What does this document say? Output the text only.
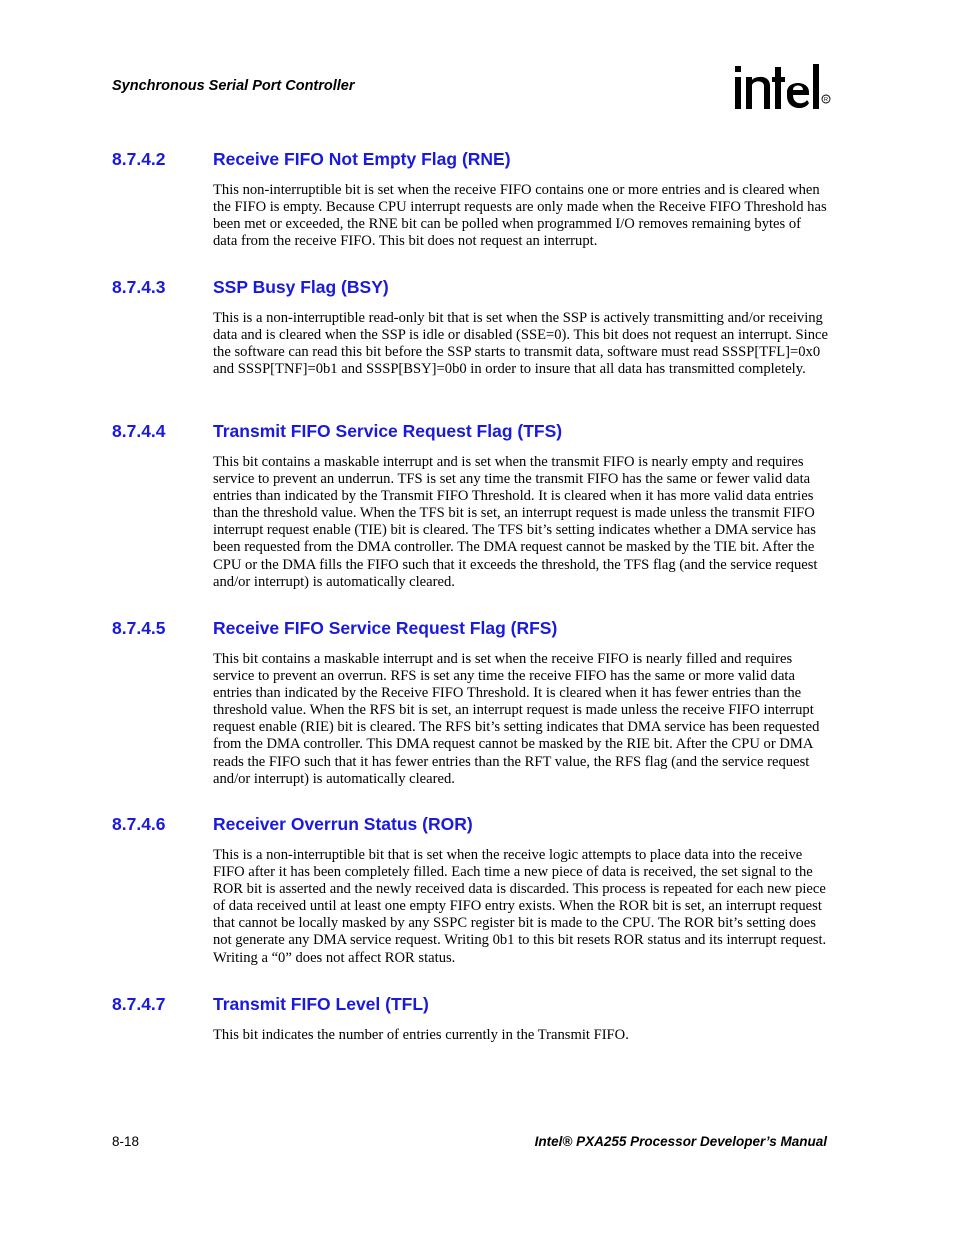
Synchronous Serial Port Controller

R
8.7.4.2	Receive FIFO Not Empty Flag (RNE)

This non-interruptible bit is set when the receive FIFO contains one or more entries and is cleared when the FIFO is empty. Because CPU interrupt requests are only made when the Receive FIFO Threshold has been met or exceeded, the RNE bit can be polled when programmed I/O removes remaining bytes of data from the receive FIFO. This bit does not request an interrupt.

8.7.4.3	SSP Busy Flag (BSY)

This is a non-interruptible read-only bit that is set when the SSP is actively transmitting and/or receiving data and is cleared when the SSP is idle or disabled (SSE=0). This bit does not request an interrupt. Since the software can read this bit before the SSP starts to transmit data, software must read SSSP[TFL]=0x0 and SSSP[TNF]=0b1 and SSSP[BSY]=0b0 in order to insure that all data has transmitted completely.

8.7.4.4	Transmit FIFO Service Request Flag (TFS)

This bit contains a maskable interrupt and is set when the transmit FIFO is nearly empty and requires service to prevent an underrun. TFS is set any time the transmit FIFO has the same or fewer valid data entries than indicated by the Transmit FIFO Threshold. It is cleared when it has more valid data entries than the threshold value. When the TFS bit is set, an interrupt request is made unless the transmit FIFO interrupt request enable (TIE) bit is cleared. The TFS bit’s setting indicates whether a DMA service has been requested from the DMA controller. The DMA request cannot be masked by the TIE bit. After the CPU or the DMA fills the FIFO such that it exceeds the threshold, the TFS flag (and the service request and/or interrupt) is automatically cleared.

8.7.4.5	Receive FIFO Service Request Flag (RFS)

This bit contains a maskable interrupt and is set when the receive FIFO is nearly filled and requires service to prevent an overrun. RFS is set any time the receive FIFO has the same or more valid data entries than indicated by the Receive FIFO Threshold. It is cleared when it has fewer entries than the threshold value. When the RFS bit is set, an interrupt request is made unless the receive FIFO interrupt request enable (RIE) bit is cleared. The RFS bit’s setting indicates that DMA service has been requested from the DMA controller. This DMA request cannot be masked by the RIE bit. After the CPU or DMA reads the FIFO such that it has fewer entries than the RFT value, the RFS flag (and the service request and/or interrupt) is automatically cleared.

8.7.4.6	Receiver Overrun Status (ROR)

This is a non-interruptible bit that is set when the receive logic attempts to place data into the receive FIFO after it has been completely filled. Each time a new piece of data is received, the set signal to the ROR bit is asserted and the newly received data is discarded. This process is repeated for each new piece of data received until at least one empty FIFO entry exists. When the ROR bit is set, an interrupt request that cannot be locally masked by any SSPC register bit is made to the CPU. The ROR bit’s setting does not generate any DMA service request. Writing 0b1 to this bit resets ROR status and its interrupt request. Writing a “0” does not affect ROR status.

8.7.4.7	Transmit FIFO Level (TFL)

This bit indicates the number of entries currently in the Transmit FIFO.

8-18	Intel® PXA255 Processor Developer’s Manual
